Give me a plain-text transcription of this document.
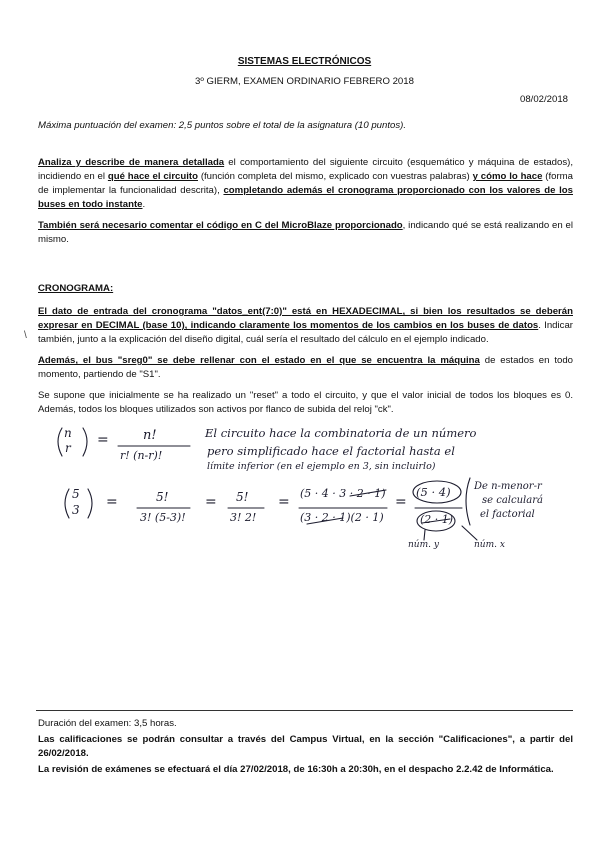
SISTEMAS ELECTRÓNICOS

3º GIERM, EXAMEN ORDINARIO FEBRERO 2018

08/02/2018

Máxima puntuación del examen: 2,5 puntos sobre el total de la asignatura (10 puntos).

Analiza y describe de manera detallada el comportamiento del siguiente circuito (esquemático y máquina de estados), incidiendo en el qué hace el circuito (función completa del mismo, explicado con vuestras palabras) y cómo lo hace (forma de implementar la funcionalidad descrita), completando además el cronograma proporcionado con los valores de los buses en todo instante.

También será necesario comentar el código en C del MicroBlaze proporcionado, indicando qué se está realizando en el mismo.

CRONOGRAMA:

\

El dato de entrada del cronograma "datos_ent(7:0)" está en HEXADECIMAL, si bien los resultados se deberán expresar en DECIMAL (base 10), indicando claramente los momentos de los cambios en los buses de datos. Indicar también, junto a la explicación del diseño digital, cuál sería el resultado del cálculo en el ejemplo indicado.

Además, el bus "sreg0" se debe rellenar con el estado en el que se encuentra la máquina de estados en todo momento, partiendo de "S1".

Se supone que inicialmente se ha realizado un "reset" a todo el circuito, y que el valor inicial de todos los bloques es 0. Además, todos los bloques utilizados son activos por flanco de subida del reloj "ck".

n
r =	n!
r! (n-r)!
El circuito hace la combinatoria de un número
pero simplificado hace el factorial hasta el
límite inferior (en el ejemplo en 3, sin incluirlo)
5
3 =	5!
3! (5-3)!
= 5!
3! 2!
=
(5 · 4 · 3 · 2 · 1)
(3 · 2 · 1)(2 · 1)
=
(5 · 4)
(2 · 1)
De n-menor-r
se calculará
el factorial
núm. y	núm. x

Duración del examen: 3,5 horas.

Las calificaciones se podrán consultar a través del Campus Virtual, en la sección "Calificaciones", a partir del 26/02/2018.

La revisión de exámenes se efectuará el día 27/02/2018, de 16:30h a 20:30h, en el despacho 2.2.42 de Informática.
